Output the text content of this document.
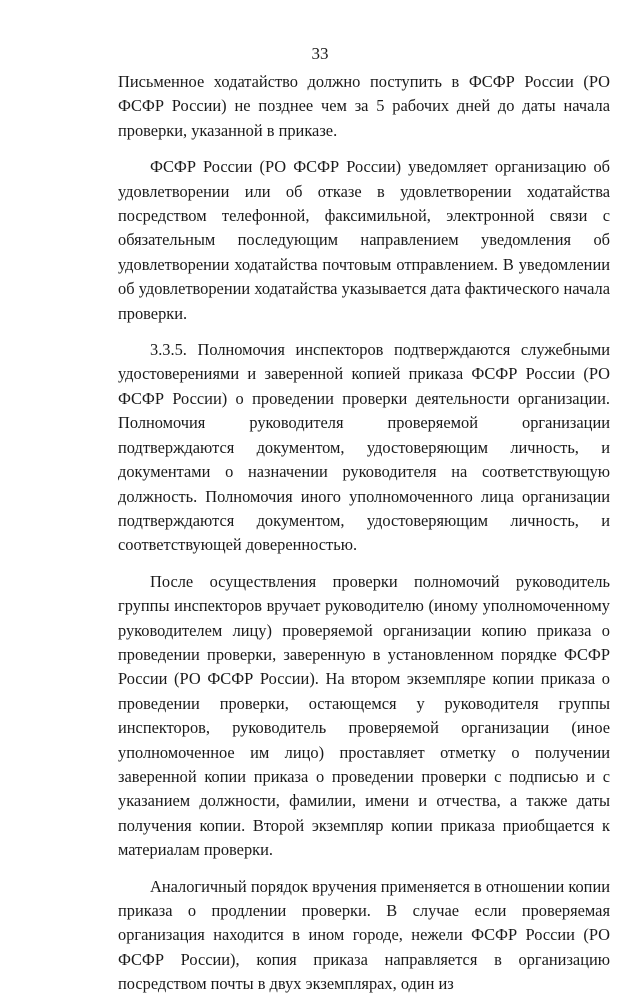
33

Письменное ходатайство должно поступить в ФСФР России (РО ФСФР России) не позднее чем за 5 рабочих дней до даты начала проверки, указанной в приказе.

ФСФР России (РО ФСФР России) уведомляет организацию об удовлетворении или об отказе в удовлетворении ходатайства посредством телефонной, факсимильной, электронной связи с обязательным последующим направлением уведомления об удовлетворении ходатайства почтовым отправлением. В уведомлении об удовлетворении ходатайства указывается дата фактического начала проверки.

3.3.5. Полномочия инспекторов подтверждаются служебными удостоверениями и заверенной копией приказа ФСФР России (РО ФСФР России) о проведении проверки деятельности организации. Полномочия руководителя проверяемой организации подтверждаются документом, удостоверяющим личность, и документами о назначении руководителя на соответствующую должность. Полномочия иного уполномоченного лица организации подтверждаются документом, удостоверяющим личность, и соответствующей доверенностью.

После осуществления проверки полномочий руководитель группы инспекторов вручает руководителю (иному уполномоченному руководителем лицу) проверяемой организации копию приказа о проведении проверки, заверенную в установленном порядке ФСФР России (РО ФСФР России). На втором экземпляре копии приказа о проведении проверки, остающемся у руководителя группы инспекторов, руководитель проверяемой организации (иное уполномоченное им лицо) проставляет отметку о получении заверенной копии приказа о проведении проверки с подписью и с указанием должности, фамилии, имени и отчества, а также даты получения копии. Второй экземпляр копии приказа приобщается к материалам проверки.

Аналогичный порядок вручения применяется в отношении копии приказа о продлении проверки. В случае если проверяемая организация находится в ином городе, нежели ФСФР России (РО ФСФР России), копия приказа направляется в организацию посредством почты в двух экземплярах, один из
